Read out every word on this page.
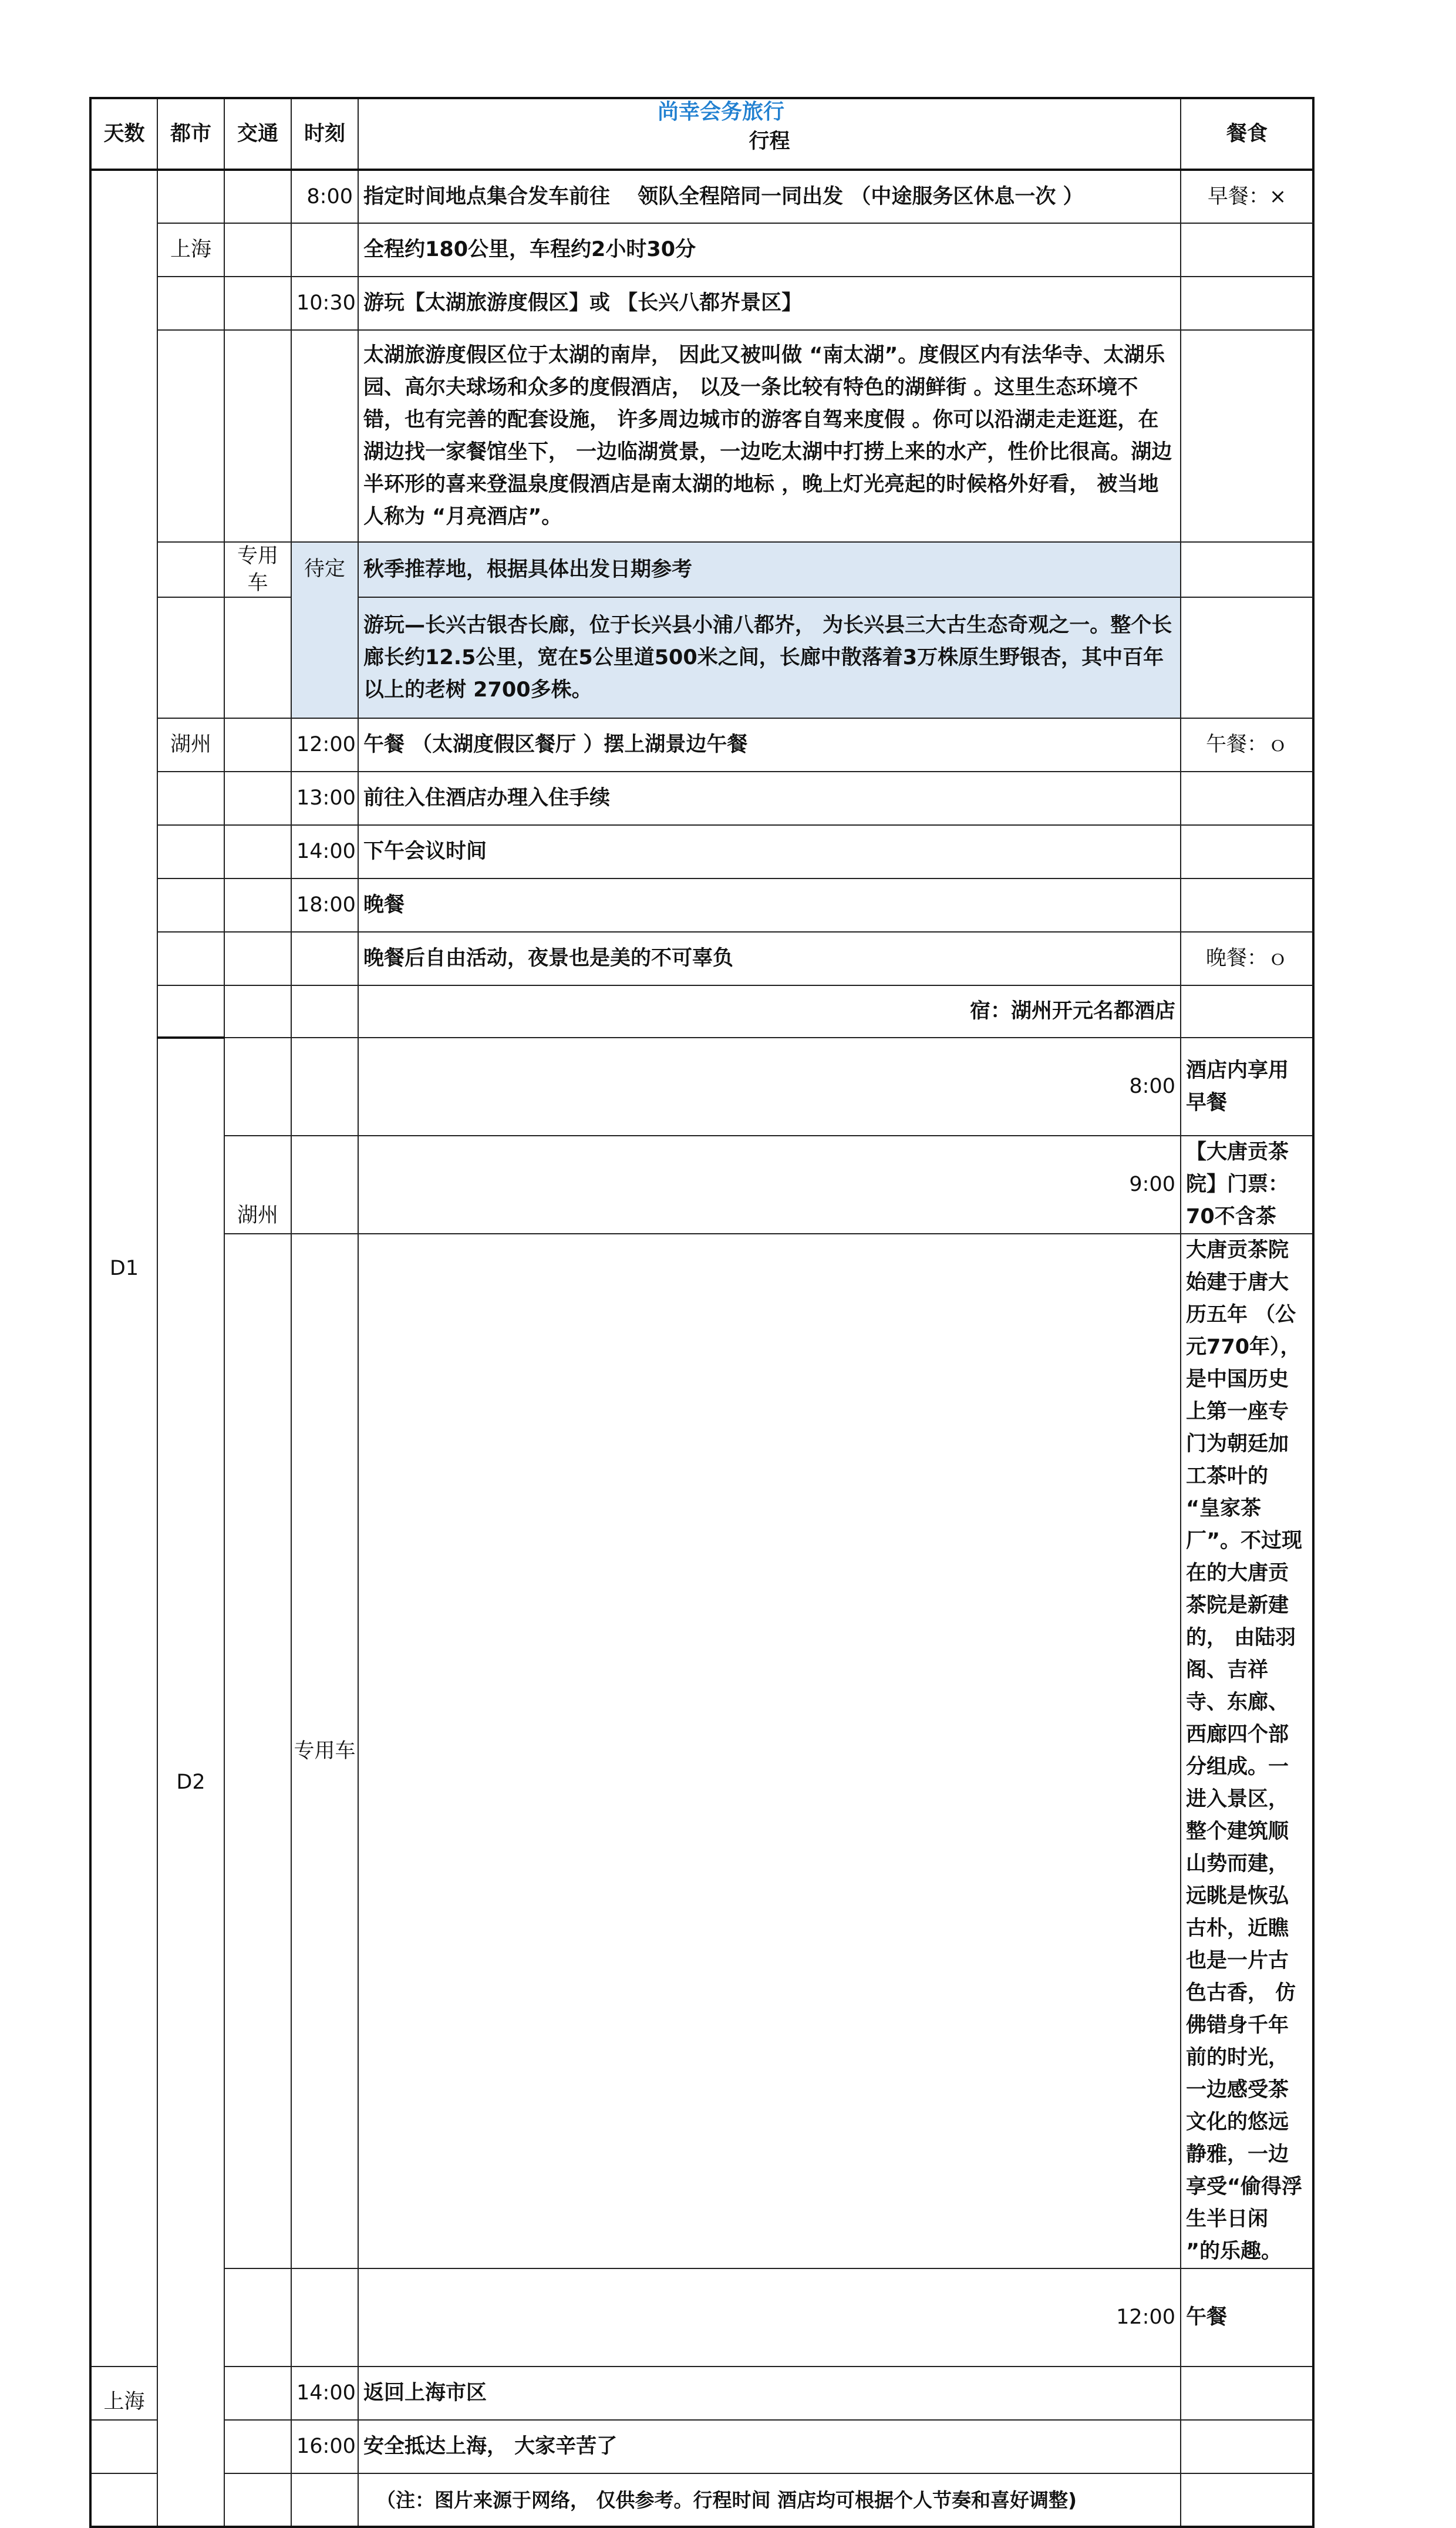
尚幸会务旅行
天数	都市	交通	时刻	行程	餐食	
D1			8:00	指定时间地点集合发车前往　 领队全程陪同一同出发 （中途服务区休息一次 ）	早餐：×	
	上海			全程约180公里，车程约2小时30分		
			10:30	游玩【太湖旅游度假区】或 【长兴八都岕景区】		
				太湖旅游度假区位于太湖的南岸， 因此又被叫做 “南太湖”。度假区内有法华寺、太湖乐园、高尔夫球场和众多的度假酒店， 以及一条比较有特色的湖鲜街 。这里生态环境不错，也有完善的配套设施， 许多周边城市的游客自驾来度假 。你可以沿湖走走逛逛，在湖边找一家餐馆坐下， 一边临湖赏景，一边吃太湖中打捞上来的水产，性价比很高。湖边半环形的喜来登温泉度假酒店是南太湖的地标 ，晚上灯光亮起的时候格外好看， 被当地人称为 “月亮酒店”。		
		专用车	待定	秋季推荐地，根据具体出发日期参考		
				游玩—长兴古银杏长廊，位于长兴县小浦八都岕， 为长兴县三大古生态奇观之一。整个长廊长约12.5公里，宽在5公里道500米之间，长廊中散落着3万株原生野银杏，其中百年以上的老树 2700多株。		
	湖州		12:00	午餐 （太湖度假区餐厅 ）摆上湖景边午餐	午餐：ｏ	
			13:00	前往入住酒店办理入住手续		
			14:00	下午会议时间		
			18:00	晚餐		
				晚餐后自由活动，夜景也是美的不可辜负	晚餐：ｏ	
				宿：湖州开元名都酒店		
	D2			8:00	酒店内享用早餐	
		湖州		9:00	【大唐贡茶院】门票：70不含茶	
			专用车		大唐贡茶院始建于唐大历五年 （公元770年）， 是中国历史上第一座专门为朝廷加工茶叶的 “皇家茶厂”。不过现在的大唐贡茶院是新建的， 由陆羽阁、吉祥寺、东廊、西廊四个部分组成。一进入景区，整个建筑顺山势而建， 远眺是恢弘古朴，近瞧也是一片古色古香， 仿佛错身千年前的时光， 一边感受茶文化的悠远静雅，一边享受“偷得浮生半日闲 ”的乐趣。	
				12:00	午餐	
上海			14:00	返回上海市区		
			16:00	安全抵达上海， 大家辛苦了		
				（注：图片来源于网络， 仅供参考。行程时间 酒店均可根据个人节奏和喜好调整)		
